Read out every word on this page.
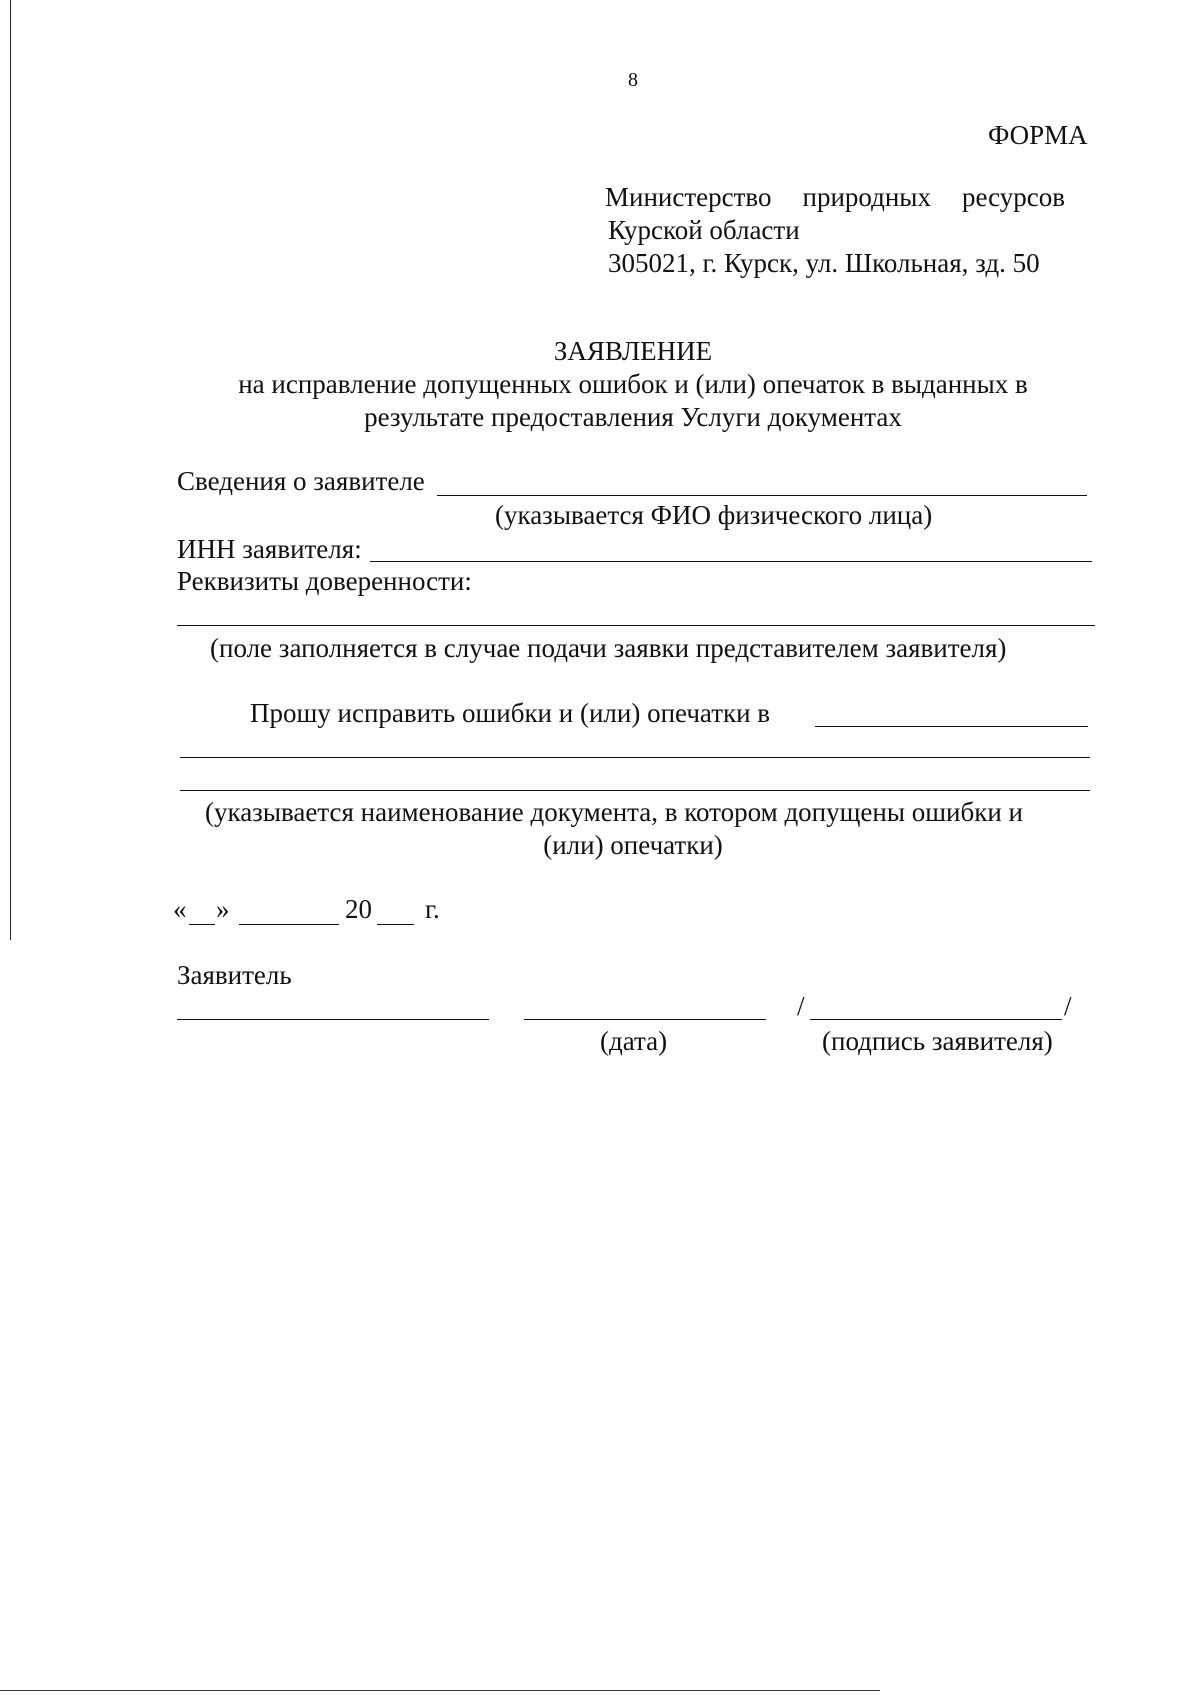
8
ФОРМА
Министерство природных ресурсов
Курской области
305021, г. Курск, ул. Школьная, зд. 50
ЗАЯВЛЕНИЕ
на исправление допущенных ошибок и (или) опечаток в выданных в
результате предоставления Услуги документах
Сведения о заявителе
(указывается ФИО физического лица)
ИНН заявителя:
Реквизиты доверенности:
(поле заполняется в случае подачи заявки представителем заявителя)
Прошу исправить ошибки и (или) опечатки в
(указывается наименование документа, в котором допущены ошибки и
(или) опечатки)
« »	20 г.
Заявитель
/	/
(дата)	(подпись заявителя)
